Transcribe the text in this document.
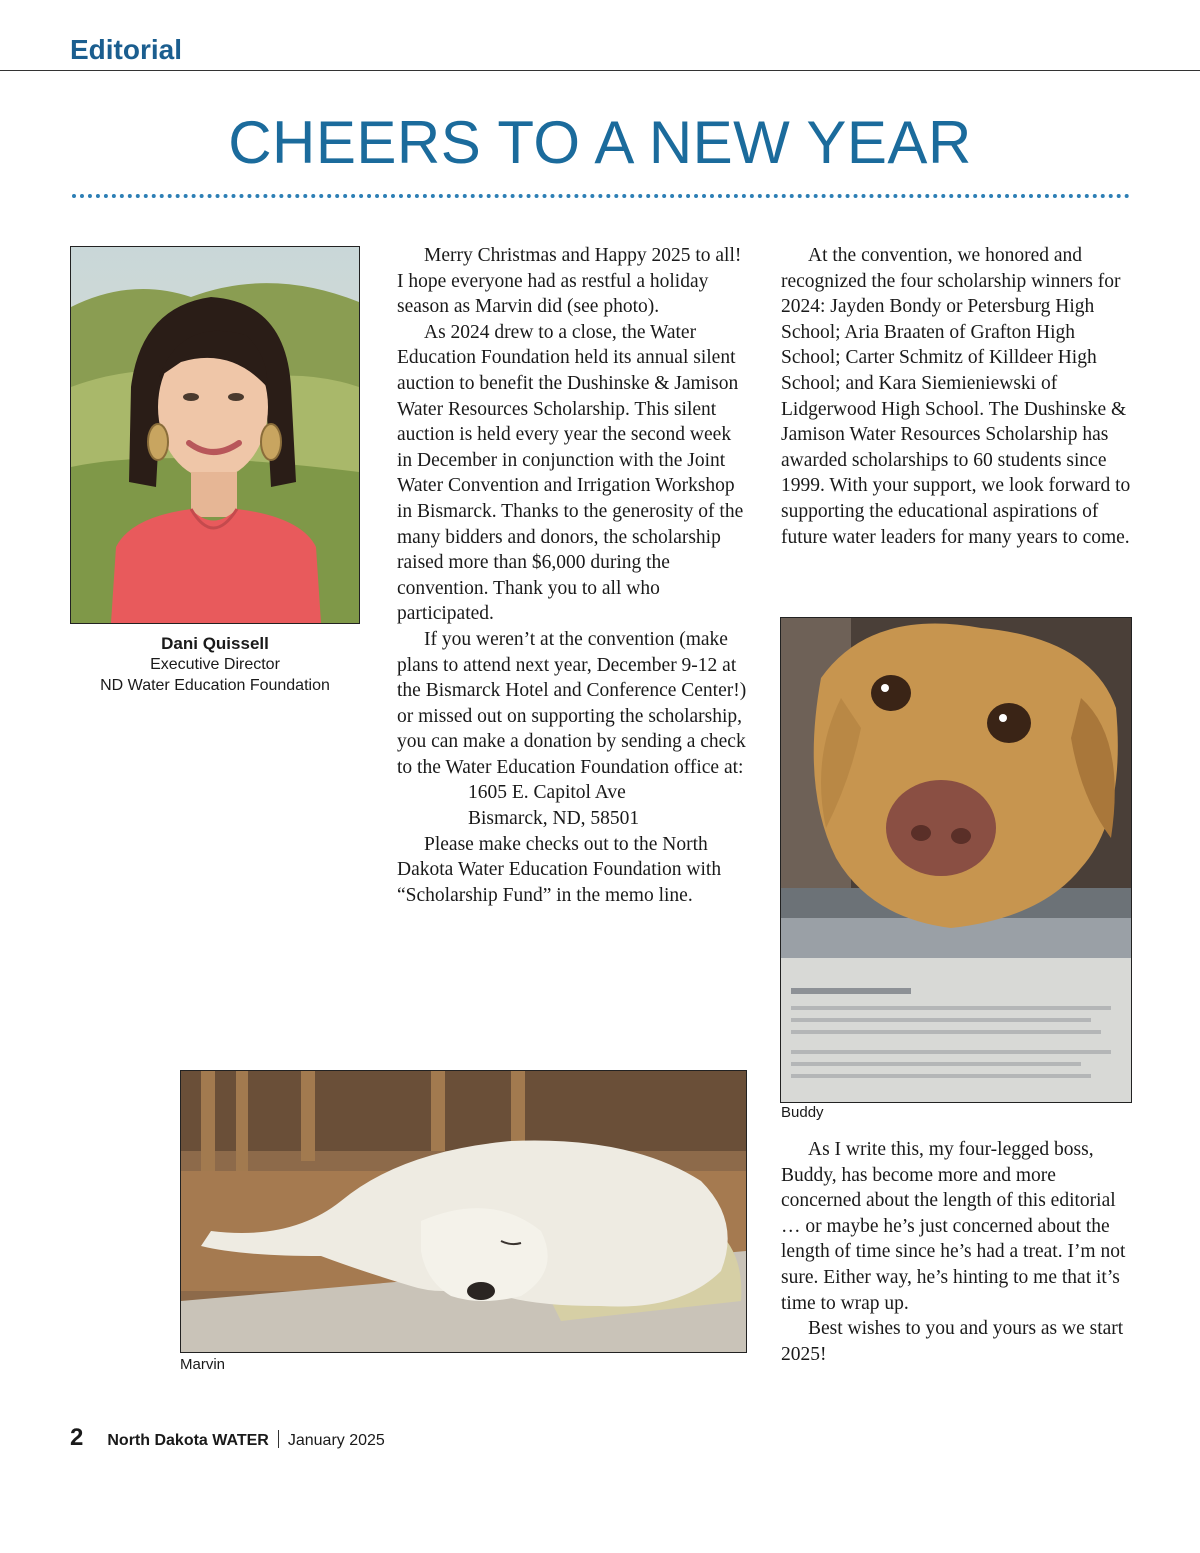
Editorial
CHEERS TO A NEW YEAR
Dani Quissell
Executive Director
ND Water Education Foundation

Merry Christmas and Happy 2025 to all! I hope everyone had as restful a holiday season as Marvin did (see photo).

As 2024 drew to a close, the Water Education Foundation held its annual silent auction to benefit the Dushinske & Jamison Water Resources Scholarship. This silent auction is held every year the second week in December in conjunction with the Joint Water Convention and Irrigation Workshop in Bismarck. Thanks to the generosity of the many bidders and donors, the scholarship raised more than $6,000 during the convention. Thank you to all who participated.

If you weren’t at the convention (make plans to attend next year, December 9-12 at the Bismarck Hotel and Conference Center!) or missed out on supporting the scholarship, you can make a donation by sending a check to the Water Education Foundation office at:

1605 E. Capitol Ave

Bismarck, ND, 58501

Please make checks out to the North Dakota Water Education Foundation with “Scholarship Fund” in the memo line.

At the convention, we honored and recognized the four scholarship winners for 2024: Jayden Bondy or Petersburg High School; Aria Braaten of Grafton High School; Carter Schmitz of Killdeer High School; and Kara Siemieniewski of Lidgerwood High School. The Dushinske & Jamison Water Resources Scholarship has awarded scholarships to 60 students since 1999. With your support, we look forward to supporting the educational aspirations of future water leaders for many years to come.

Buddy

As I write this, my four-legged boss, Buddy, has become more and more concerned about the length of this editorial … or maybe he’s just concerned about the length of time since he’s had a treat. I’m not sure. Either way, he’s hinting to me that it’s time to wrap up.

Best wishes to you and yours as we start 2025!

Marvin
2 North Dakota WATER January 2025
